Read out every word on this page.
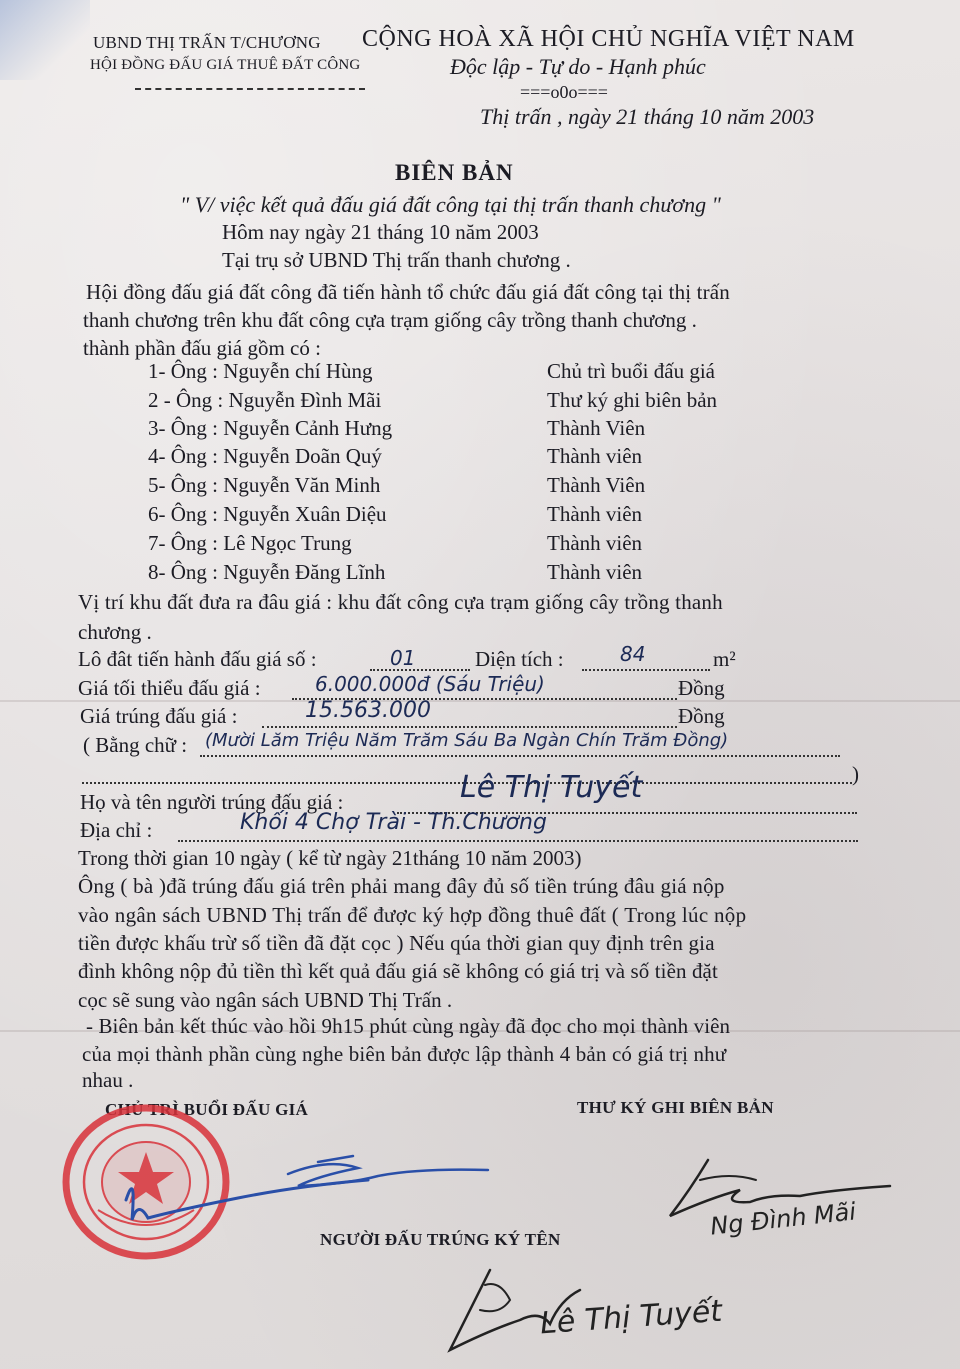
UBND THỊ TRẤN T/CHƯƠNG
HỘI ĐỒNG ĐẤU GIÁ THUÊ ĐẤT CÔNG
CỘNG HOÀ XÃ HỘI CHỦ NGHĨA VIỆT NAM
Độc lập - Tự do - Hạnh phúc
===o0o===
Thị trấn , ngày 21 tháng 10 năm 2003
BIÊN BẢN
" V/ việc kết quả đấu giá đất công tại thị trấn thanh chương "
Hôm nay ngày 21 tháng 10 năm 2003
Tại trụ sở UBND Thị trấn thanh chương .
Hội đồng đấu giá đất công đã tiến hành tổ chức đấu giá đất công tại thị trấn
thanh chương trên khu đất công cựa trạm giống cây trồng thanh chương .
thành phần đấu giá gồm có :
1- Ông : Nguyễn chí Hùng	Chủ trì buổi đấu giá
2 - Ông : Nguyễn Đình Mãi	Thư ký ghi biên bản
3- Ông : Nguyễn Cảnh Hưng	Thành Viên
4- Ông : Nguyễn Doãn Quý	Thành viên
5- Ông : Nguyễn Văn Minh	Thành Viên
6- Ông : Nguyễn Xuân Diệu	Thành viên
7- Ông : Lê Ngọc Trung	Thành viên
8- Ông : Nguyễn Đăng Lĩnh	Thành viên
Vị trí khu đất đưa ra đâu giá : khu đất công cựa trạm giống cây trồng thanh
chương .
Lô đât tiến hành đấu giá số :	01	Diện tích :	84	m²
Giá tối thiểu đấu giá :	6.000.000đ (Sáu Triệu)	Đồng
Giá trúng đấu giá :	15.563.000	Đồng
( Bằng chữ : (Mười Lăm Triệu Năm Trăm Sáu Ba Ngàn Chín Trăm Đồng)
)
Họ và tên người trúng đấu giá :	Lê Thị Tuyết
Địa chỉ :	Khối 4 Chợ Trài - Th.Chương
Trong thời gian 10 ngày ( kể từ ngày 21tháng 10 năm 2003)
Ông ( bà )đã trúng đấu giá trên phải mang đây đủ số tiền trúng đâu giá nộp
vào ngân sách UBND Thị trấn để được ký hợp đồng thuê đất ( Trong lúc nộp
tiền được khấu trừ số tiền đã đặt cọc ) Nếu qúa thời gian quy định trên gia
đình không nộp đủ tiền thì kết quả đấu giá sẽ không có giá trị và số tiền đặt
cọc sẽ sung vào ngân sách UBND Thị Trấn .
- Biên bản kết thúc vào hồi 9h15 phút cùng ngày đã đọc cho mọi thành viên
của mọi thành phần cùng nghe biên bản được lập thành 4 bản có giá trị như
nhau .
CHỦ TRÌ BUỔI ĐẤU GIÁ	THƯ KÝ GHI BIÊN BẢN
NGƯỜI ĐẤU TRÚNG KÝ TÊN	Ng Đình Mãi
Lê Thị Tuyết
